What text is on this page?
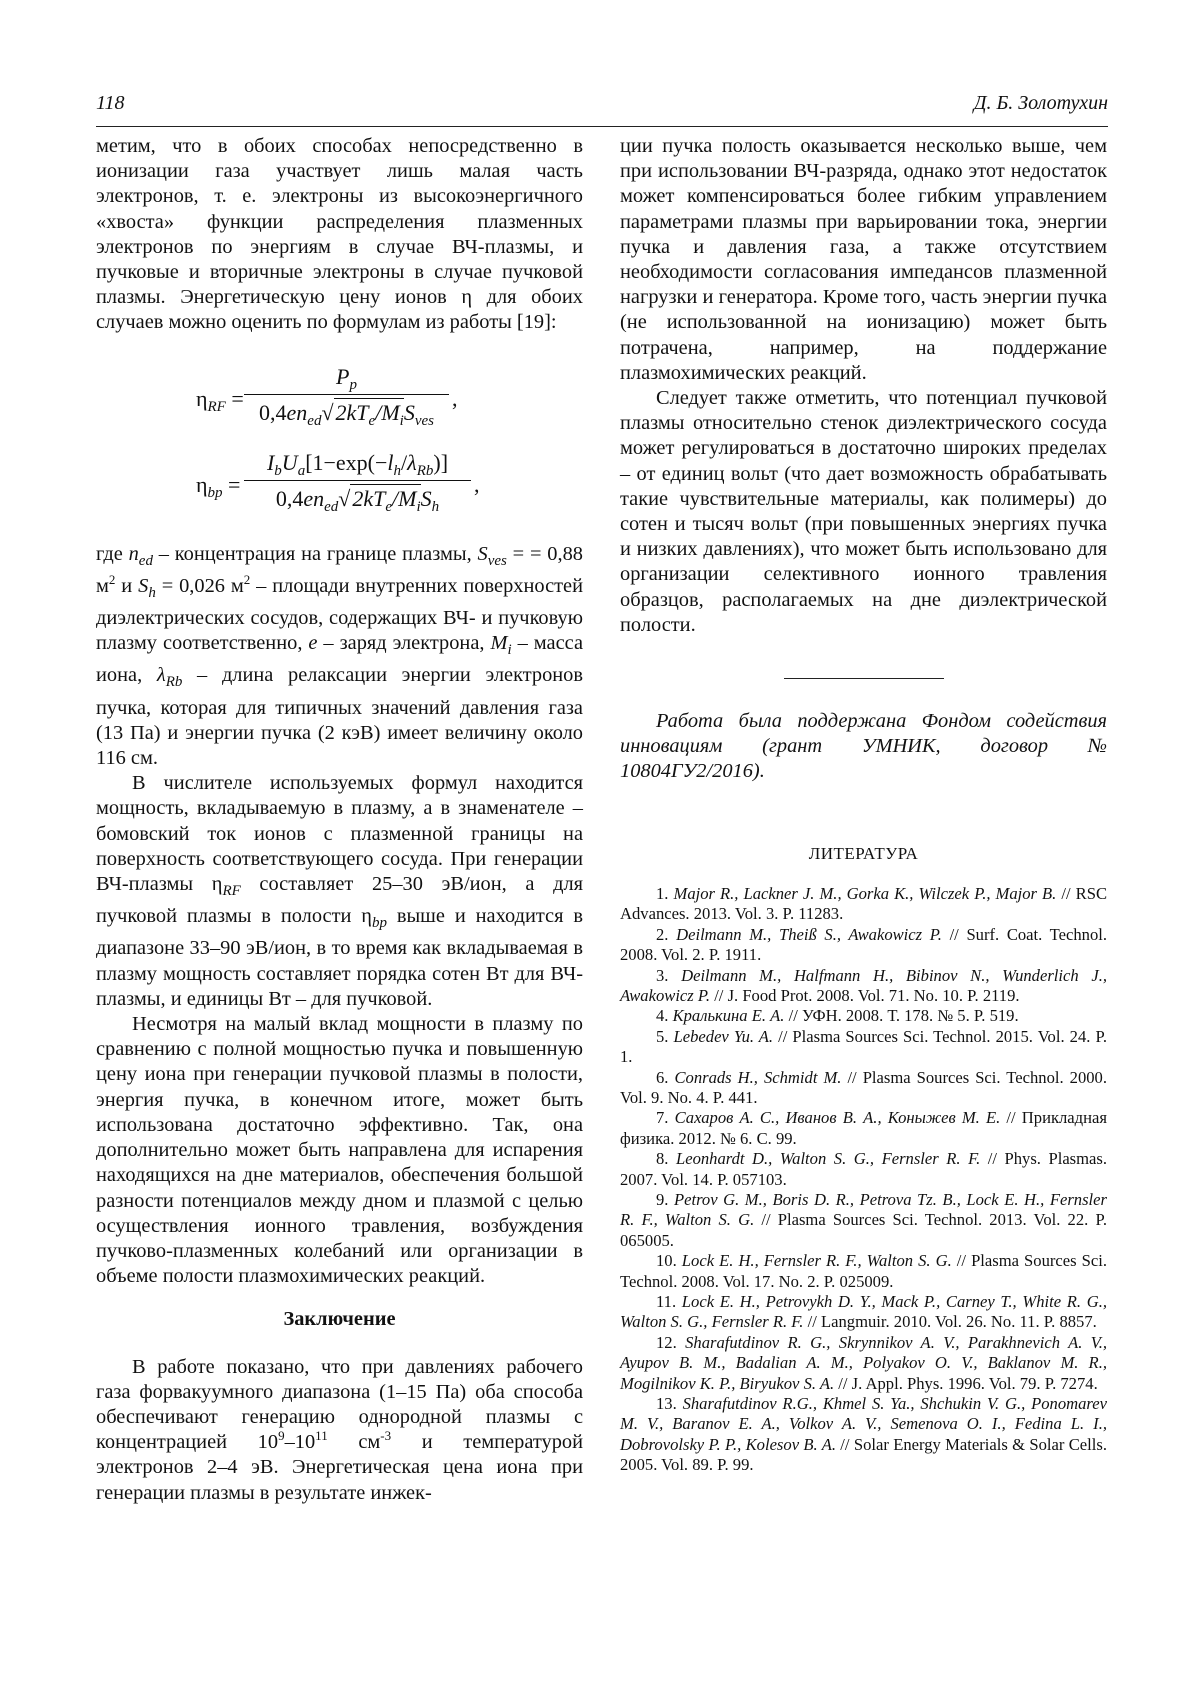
118	Д. Б. Золотухин

метим, что в обоих способах непосредственно в ионизации газа участвует лишь малая часть электронов, т. е. электроны из высокоэнергичного «хвоста» функции распределения плазменных электронов по энергиям в случае ВЧ-плазмы, и пучковые и вторичные электроны в случае пучковой плазмы. Энергетическую цену ионов η для обоих случаев можно оценить по формулам из работы [19]:

$\eta_{RF}$ =
$P_p$
$0,4en_{ed}√2kT_e/M_iS_{ves}$
,
$\eta_{bp}$ =
$I_bU_a[1-\exp(-l_h/\lambda_{Rb})]$
$0,4en_{ed}√2kT_e/M_iS_h$
,

где $n_{ed}$ – концентрация на границе плазмы, $S_{ves}$ = = 0,88 $м^2$ и $S_h = 0,026$ $м^2$ – площади внутренних поверхностей диэлектрических сосудов, содержащих ВЧ- и пучковую плазму соответственно, e – заряд электрона, $M_i$ – масса иона, $\lambda_{Rb}$ – длина релаксации энергии электронов пучка, которая для типичных значений давления газа (13 Па) и энергии пучка (2 кэВ) имеет величину около 116 см.

В числителе используемых формул находится мощность, вкладываемую в плазму, а в знаменателе – бомовский ток ионов с плазменной границы на поверхность соответствующего сосуда. При генерации ВЧ-плазмы $\eta_{RF}$ составляет 25–30 эВ/ион, а для пучковой плазмы в полости $\eta_{bp}$ выше и находится в диапазоне 33–90 эВ/ион, в то время как вкладываемая в плазму мощность составляет порядка сотен Вт для ВЧ-плазмы, и единицы Вт – для пучковой.

Несмотря на малый вклад мощности в плазму по сравнению с полной мощностью пучка и повышенную цену иона при генерации пучковой плазмы в полости, энергия пучка, в конечном итоге, может быть использована достаточно эффективно. Так, она дополнительно может быть направлена для испарения находящихся на дне материалов, обеспечения большой разности потенциалов между дном и плазмой с целью осуществления ионного травления, возбуждения пучково-плазменных колебаний или организации в объеме полости плазмохимических реакций.

Заключение

В работе показано, что при давлениях рабочего газа форвакуумного диапазона (1–15 Па) оба способа обеспечивают генерацию однородной плазмы с концентрацией $10^9-10^{11}$ $см^{-3}$ и температурой электронов 2–4 эВ. Энергетическая цена иона при генерации плазмы в результате инжек-

ции пучка полость оказывается несколько выше, чем при использовании ВЧ-разряда, однако этот недостаток может компенсироваться более гибким управлением параметрами плазмы при варьировании тока, энергии пучка и давления газа, а также отсутствием необходимости согласования импедансов плазменной нагрузки и генератора. Кроме того, часть энергии пучка (не использованной на ионизацию) может быть потрачена, например, на поддержание плазмохимических реакций.

Следует также отметить, что потенциал пучковой плазмы относительно стенок диэлектрического сосуда может регулироваться в достаточно широких пределах – от единиц вольт (что дает возможность обрабатывать такие чувствительные материалы, как полимеры) до сотен и тысяч вольт (при повышенных энергиях пучка и низких давлениях), что может быть использовано для организации селективного ионного травления образцов, располагаемых на дне диэлектрической полости.

Работа была поддержана Фондом содействия инновациям (грант УМНИК, договор № 10804ГУ2/2016).

ЛИТЕРАТУРА

1. Major R., Lackner J. M., Gorka K., Wilczek P., Major B. // RSC Advances. 2013. Vol. 3. P. 11283.

2. Deilmann M., Theiß S., Awakowicz P. // Surf. Coat. Technol. 2008. Vol. 2. P. 1911.

3. Deilmann M., Halfmann H., Bibinov N., Wunderlich J., Awakowicz P. // J. Food Prot. 2008. Vol. 71. No. 10. P. 2119.

4. Кралькина Е. А. // УФН. 2008. Т. 178. № 5. P. 519.

5. Lebedev Yu. A. // Plasma Sources Sci. Technol. 2015. Vol. 24. P. 1.

6. Conrads H., Schmidt M. // Plasma Sources Sci. Technol. 2000. Vol. 9. No. 4. P. 441.

7. Сахаров А. С., Иванов В. А., Коныжев М. Е. // Прикладная физика. 2012. № 6. С. 99.

8. Leonhardt D., Walton S. G., Fernsler R. F. // Phys. Plasmas. 2007. Vol. 14. P. 057103.

9. Petrov G. M., Boris D. R., Petrova Tz. B., Lock E. H., Fernsler R. F., Walton S. G. // Plasma Sources Sci. Technol. 2013. Vol. 22. P. 065005.

10. Lock E. H., Fernsler R. F., Walton S. G. // Plasma Sources Sci. Technol. 2008. Vol. 17. No. 2. P. 025009.

11. Lock E. H., Petrovykh D. Y., Mack P., Carney T., White R. G., Walton S. G., Fernsler R. F. // Langmuir. 2010. Vol. 26. No. 11. P. 8857.

12. Sharafutdinov R. G., Skrynnikov A. V., Parakhnevich A. V., Ayupov B. M., Badalian A. M., Polyakov O. V., Baklanov M. R., Mogilnikov K. P., Biryukov S. A. // J. Appl. Phys. 1996. Vol. 79. P. 7274.

13. Sharafutdinov R.G., Khmel S. Ya., Shchukin V. G., Ponomarev M. V., Baranov E. A., Volkov A. V., Semenova O. I., Fedina L. I., Dobrovolsky P. P., Kolesov B. A. // Solar Energy Materials & Solar Cells. 2005. Vol. 89. P. 99.
